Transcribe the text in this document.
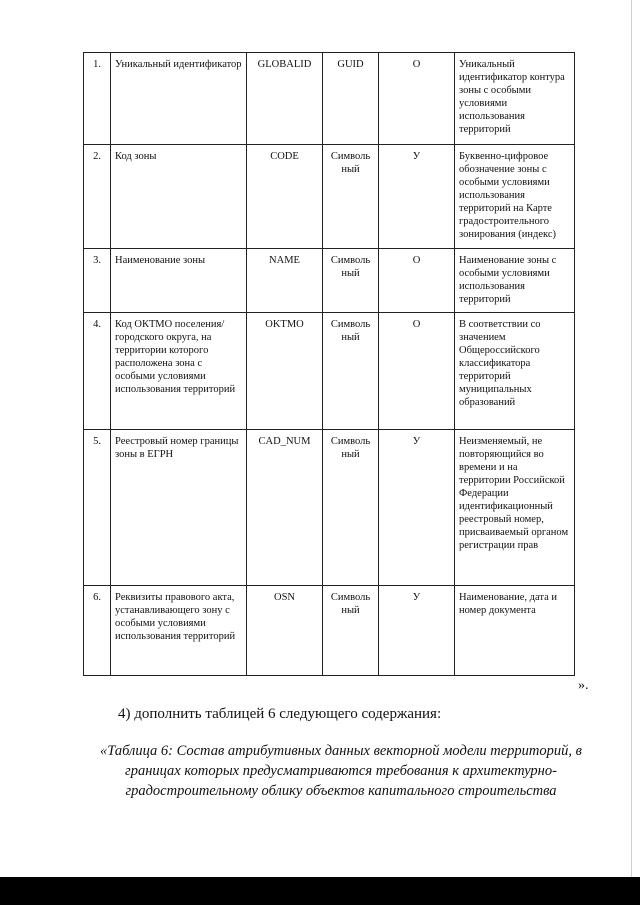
1.	Уникальный идентификатор	GLOBALID	GUID	О	Уникальный идентификатор контура зоны с особыми условиями использования территорий
2.	Код зоны	CODE	Символь ный	У	Буквенно-цифровое обозначение зоны с особыми условиями использования территорий на Карте градостроительного зонирования (индекс)
3.	Наименование зоны	NAME	Символь ный	О	Наименование зоны с особыми условиями использования территорий
4.	Код ОКТМО поселения/городского округа, на территории которого расположена зона с особыми условиями использования территорий	OKTMO	Символь ный	О	В соответствии со значением Общероссийского классификатора территорий муниципальных образований
5.	Реестровый номер границы зоны в ЕГРН	CAD_NUM	Символь ный	У	Неизменяемый, не повторяющийся во времени и на территории Российской Федерации идентификационный реестровый номер, присваиваемый органом регистрации прав
6.	Реквизиты правового акта, устанавливающего зону с особыми условиями использования территорий	OSN	Символь ный	У	Наименование, дата и номер документа
».
4) дополнить таблицей 6 следующего содержания:
«Таблица 6: Состав атрибутивных данных векторной модели территорий, в границах которых предусматриваются требования к архитектурно-градостроительному облику объектов капитального строительства
